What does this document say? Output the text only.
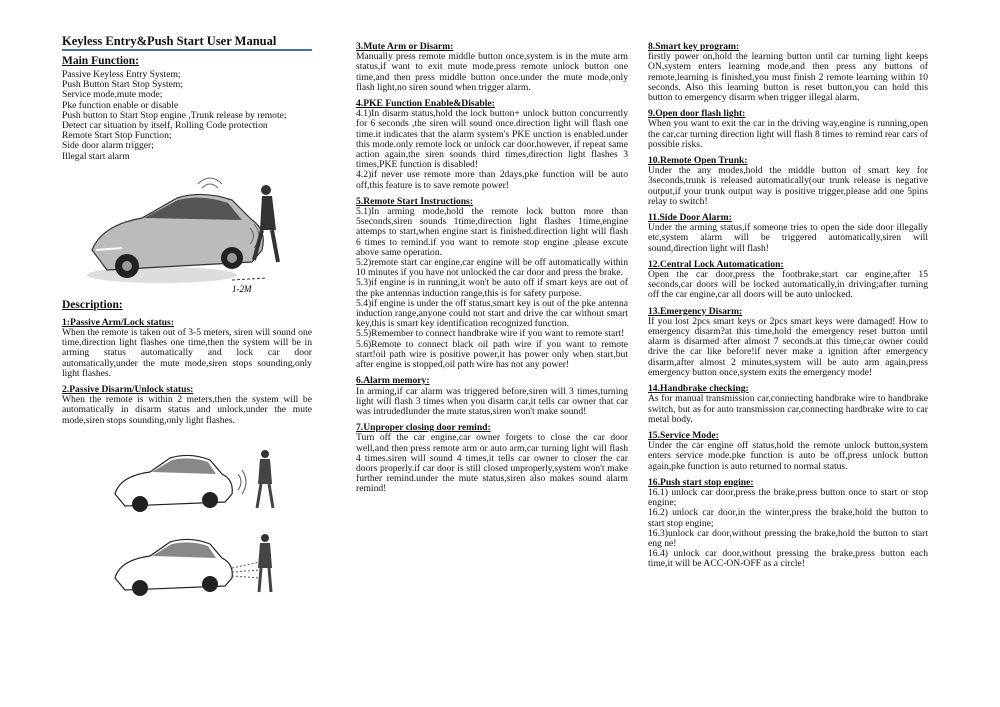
Keyless Entry&Push Start User Manual
Main Function:
Passive Keyless Entry System;
Push Button Start Stop System;
Service mode,mute mode;
Pke function enable or disable
Push button to Start Stop engine ,Trunk release by remote;
Detect car situation by itself, Rolling Code protection
Remote Start Stop Function;
Side door alarm trigger;
Illegal start alarm
1-2M
Description:
1:Passive Arm/Lock status:
When the remote is taken out of 3-5 meters, siren will sound one time,direction light flashes one time,then the system will be in arming status automatically and lock car door automatically,under the mute mode,siren stops sounding,only light flashes.
2.Passive Disarm/Unlock status:
When the remote is within 2 meters,then the system will be automatically in disarm status and unlock,under the mute mode,siren stops sounding,only light flashes.
3.Mute Arm or Disarm:
Manually press remote middle button once,system is in the mute arm status,if want to exit mute mode,press remote unlock button one time,and then press middle button once.under the mute mode,only flash light,no siren sound when trigger alarm.
4.PKE Function Enable&Disable:
4.1)In disarm status,hold the lock button+ unlock button concurrently for 6 seconds ,the siren will sound once.direction light will flash one time.it indicates that the alarm system's PKE unction is enabled.under this mode.only remote lock or unlock car door.however, if repeat same action again,the siren sounds third times,direction light flashes 3 times,PKE function is disabled!
4.2)if never use remote more than 2days,pke function will be auto off,this feature is to save remote power!
5.Remote Start Instructions:
5.1)In arming mode,hold the remote lock button more than 5seconds,siren sounds 1time,direction light flashes 1time,engine attemps to start,when engine start is finished.direction light will flash 6 times to remind.if you want to remote stop engine ,please excute above same operation.
5.2)remote start car engine,car engine will be off automatically within 10 minutes if you have not unlocked the car door and press the brake.
5.3)if engine is in running,it won't be auto off if smart keys are out of the pke antennas induction range,this is for safety purpose.
5.4)if engine is under the off status,smart key is out of the pke antenna induction range,anyone could not start and drive the car without smart key,this is smart key identification recognized function.
5.5)Remember to connect handbrake wire if you want to remote start!
5.6)Remote to connect black oil path wire if you want to remote start!oil path wire is positive power,it has power only when start,but after engine is stopped,oil path wire has not any power!
6.Alarm memory:
In arming,if car alarm was triggered before,siren will 3 times,turning light will flash 3 times when you disarm car,it tells car owner that car was intrudedIunder the mute status,siren won't make sound!
7.Unproper closing door remind:
Turn off the car engine,car owner forgets to close the car door well,and then press remote arm or auto arm,car turning light will flash 4 times.siren will sound 4 times,it tells car owner to closer the car doors properly.if car door is still closed unproperly,system won't make further remind.under the mute status,siren also makes sound alarm remind!
8.Smart key program:
firstly power on,hold the learning button until car turning light keeps ON,system enters learning mode,and then press any buttons of remote,learning is finished,you must finish 2 remote learning within 10 seconds. Also this learning button is reset button,you can hold this button to emergency disarm when trigger illegal alarm.
9.Open door flash light:
When you want to exit the car in the driving way,engine is running,open the car,car turning direction light will flash 8 times to remind rear cars of possible risks.
10.Remote Open Trunk:
Under the any modes,hold the middle button of smart key for 3seconds,trunk is released automatically(our trunk release is negative output,if your trunk output way is positive trigger,please add one 5pins relay to switch!
11.Side Door Alarm:
Under the arming status,if someone tries to open the side door illegally etc,system alarm will be triggered automatically,siren will sound,direction light will flash!
12.Central Lock Automatication:
Open the car door,press the footbrake,start car engine,after 15 seconds,car doors will be locked automatically,in driving;after turning off the car engine,car all doors will be auto unlocked.
13.Emergency Disarm:
If you lost 2pcs smart keys or 2pcs smart keys were damaged! How to emergency disarm?at this time,hold the emergency reset button until alarm is disarmed after almost 7 seconds.at this time,car owner could drive the car like before!if never make a ignition after emergency disarm,after almost 2 minutes,system will be auto arm again,press emergency button once,system exits the emergency mode!
14.Handbrake checking:
As for manual transmission car,connecting handbrake wire to handbrake switch, but as for auto transmission car,connecting hardbrake wire to car metal body.
15.Service Mode:
Under the car engine off status,hold the remote unlock button,system enters service mode.pke function is auto be off,press unlock button again,pke function is auto returned to normal status.
16.Push start stop engine:
16.1) unlock car door,press the brake,press button once to start or stop engine;
16.2) unlock car door,in the winter,press the brake,hold the button to start stop engine;
16.3)unlock car door,without pressing the brake,hold the button to start eng ne!
16.4) unlock car door,without pressing the brake,press button each time,it will be ACC-ON-OFF as a circle!
